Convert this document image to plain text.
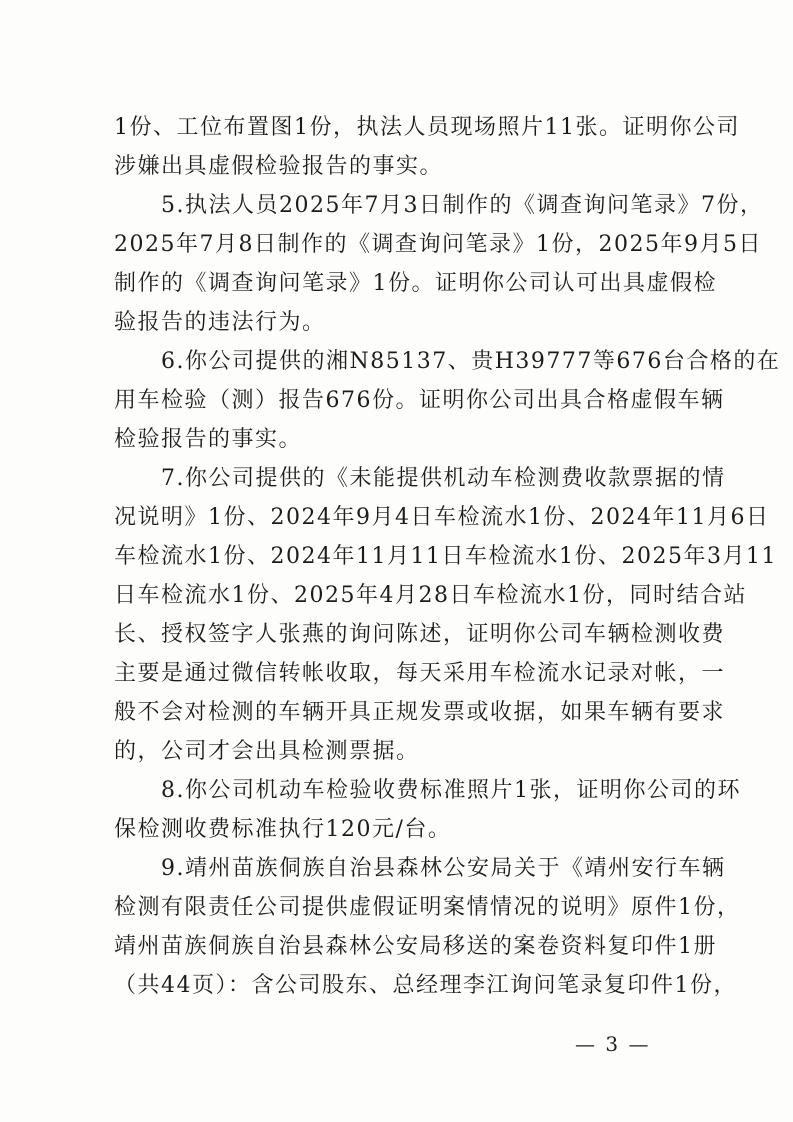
1份、工位布置图1份，执法人员现场照片11张。证明你公司
涉嫌出具虚假检验报告的事实。
5.执法人员2025年7月3日制作的《调查询问笔录》7份，
2025年7月8日制作的《调查询问笔录》1份，2025年9月5日
制作的《调查询问笔录》1份。证明你公司认可出具虚假检
验报告的违法行为。
6.你公司提供的湘N85137、贵H39777等676台合格的在
用车检验（测）报告676份。证明你公司出具合格虚假车辆
检验报告的事实。
7.你公司提供的《未能提供机动车检测费收款票据的情
况说明》1份、2024年9月4日车检流水1份、2024年11月6日
车检流水1份、2024年11月11日车检流水1份、2025年3月11
日车检流水1份、2025年4月28日车检流水1份，同时结合站
长、授权签字人张燕的询问陈述，证明你公司车辆检测收费
主要是通过微信转帐收取，每天采用车检流水记录对帐，一
般不会对检测的车辆开具正规发票或收据，如果车辆有要求
的，公司才会出具检测票据。
8.你公司机动车检验收费标准照片1张，证明你公司的环
保检测收费标准执行120元/台。
9.靖州苗族侗族自治县森林公安局关于《靖州安行车辆
检测有限责任公司提供虚假证明案情情况的说明》原件1份，
靖州苗族侗族自治县森林公安局移送的案卷资料复印件1册
（共44页）：含公司股东、总经理李江询问笔录复印件1份，
— 3 —
